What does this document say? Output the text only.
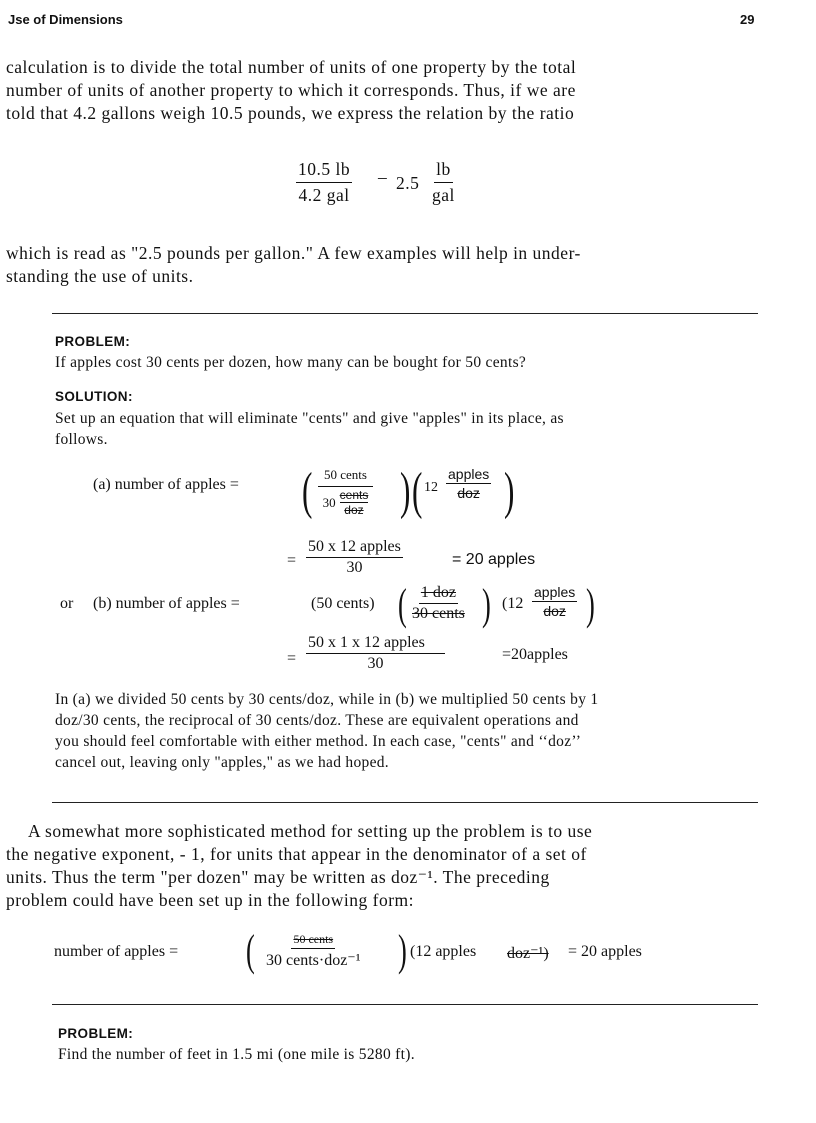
Jse of Dimensions	29
calculation is to divide the total number of units of one property by the total
number of units of another property to which it corresponds. Thus, if we are
told that 4.2 gallons weigh 10.5 pounds, we express the relation by the ratio
10.5 lb
4.2 gal
– 2.5
lb
gal
which is read as "2.5 pounds per gallon." A few examples will help in under-
standing the use of units.
PROBLEM:
If apples cost 30 cents per dozen, how many can be bought for 50 cents?
SOLUTION:
Set up an equation that will eliminate "cents" and give "apples" in its place, as
follows.
(a) number of apples = ( 50 cents
30 cents
doz ) ( 12
apples
doz )
=
50 x 12 apples
30	= 20 apples
or (b) number of apples =	(50 cents) ( 1 doz
30 cents ) (12
apples
doz )
=
50 x 1 x 12 apples
30
=20apples
In (a) we divided 50 cents by 30 cents/doz, while in (b) we multiplied 50 cents by 1
doz/30 cents, the reciprocal of 30 cents/doz. These are equivalent operations and
you should feel comfortable with either method. In each case, "cents" and ‘‘doz’’
cancel out, leaving only "apples," as we had hoped.
A somewhat more sophisticated method for setting up the problem is to use
the negative exponent, - 1, for units that appear in the denominator of a set of
units. Thus the term "per dozen" may be written as doz⁻¹. The preceding
problem could have been set up in the following form:
number of apples = (	50 cents
30 cents·doz⁻¹ ) (12 apples doz⁻¹) = 20 apples
PROBLEM:
Find the number of feet in 1.5 mi (one mile is 5280 ft).
